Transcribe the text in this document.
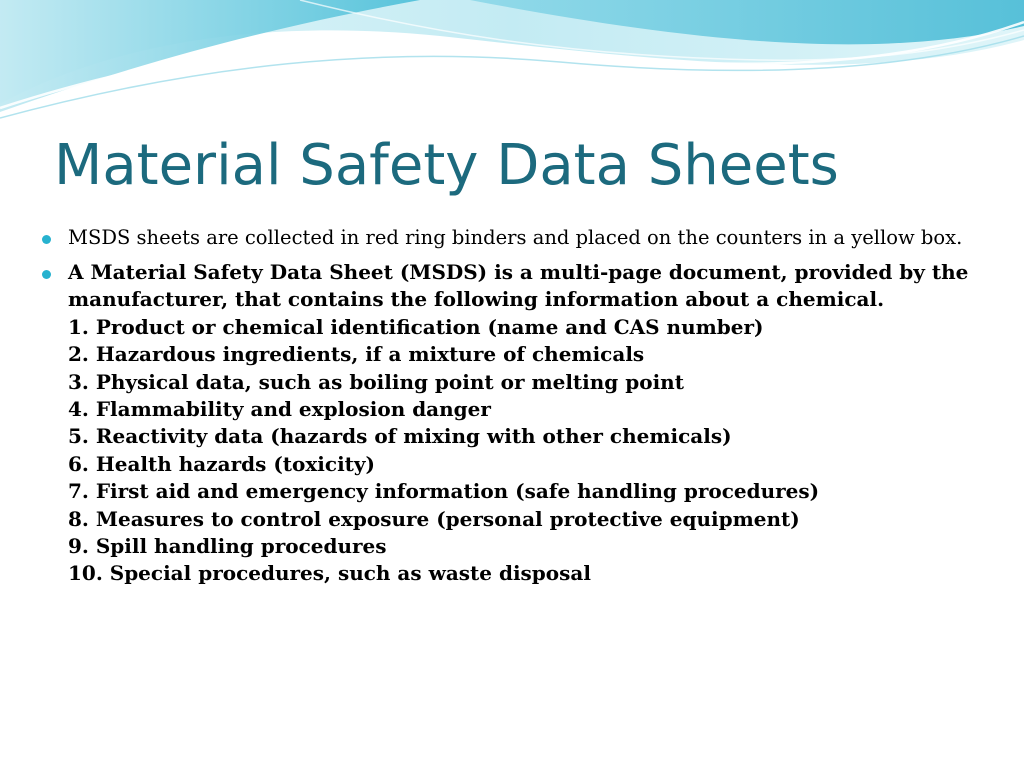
Material Safety Data Sheets
MSDS sheets are collected in red ring binders and placed on the counters in a yellow box.
A Material Safety Data Sheet (MSDS) is a multi-page document, provided by the manufacturer, that contains the following information about a chemical.
1. Product or chemical identification (name and CAS number)
2. Hazardous ingredients, if a mixture of chemicals
3. Physical data, such as boiling point or melting point
4. Flammability and explosion danger
5. Reactivity data (hazards of mixing with other chemicals)
6. Health hazards (toxicity)
7. First aid and emergency information (safe handling procedures)
8. Measures to control exposure (personal protective equipment)
9. Spill handling procedures
10. Special procedures, such as waste disposal
